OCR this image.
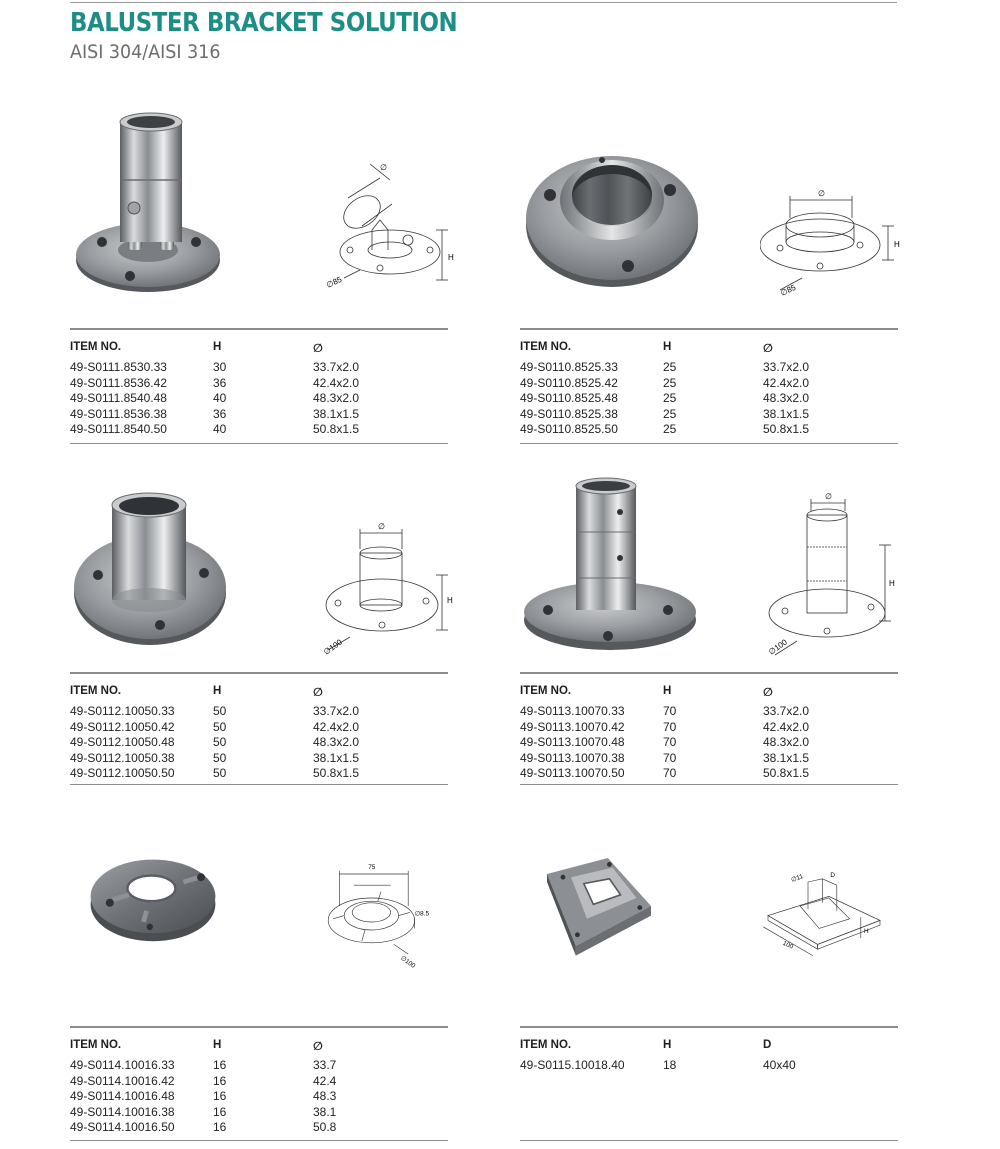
BALUSTER BRACKET SOLUTION
AISI 304/AISI 316
∅
H
∅85
ITEM NO.	H	∅
49-S0111.8530.33	30	33.7x2.0
49-S0111.8536.42	36	42.4x2.0
49-S0111.8540.48	40	48.3x2.0
49-S0111.8536.38	36	38.1x1.5
49-S0111.8540.50	40	50.8x1.5
∅
H
∅85
ITEM NO.	H	∅
49-S0110.8525.33	25	33.7x2.0
49-S0110.8525.42	25	42.4x2.0
49-S0110.8525.48	25	48.3x2.0
49-S0110.8525.38	25	38.1x1.5
49-S0110.8525.50	25	50.8x1.5
∅
H
∅100
ITEM NO.	H	∅
49-S0112.10050.33	50	33.7x2.0
49-S0112.10050.42	50	42.4x2.0
49-S0112.10050.48	50	48.3x2.0
49-S0112.10050.38	50	38.1x1.5
49-S0112.10050.50	50	50.8x1.5
∅
H
∅100
ITEM NO.	H	∅
49-S0113.10070.33	70	33.7x2.0
49-S0113.10070.42	70	42.4x2.0
49-S0113.10070.48	70	48.3x2.0
49-S0113.10070.38	70	38.1x1.5
49-S0113.10070.50	70	50.8x1.5
75
∅8.5
∅100
ITEM NO.	H	∅
49-S0114.10016.33	16	33.7
49-S0114.10016.42	16	42.4
49-S0114.10016.48	16	48.3
49-S0114.10016.38	16	38.1
49-S0114.10016.50	16	50.8
∅11	D
100
H
ITEM NO.	H	D
49-S0115.10018.40	18	40x40
